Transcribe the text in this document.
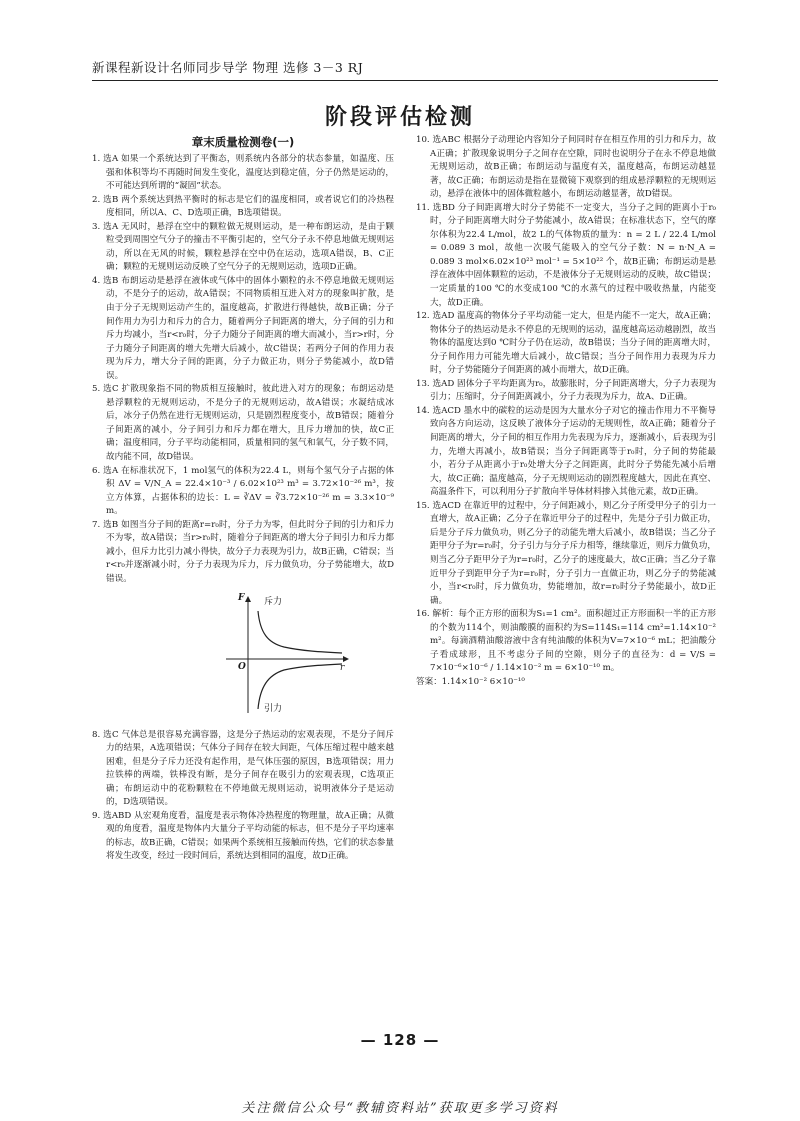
新课程新设计名师同步导学 物理 选修 3－3 RJ
阶段评估检测
章末质量检测卷(一)
1. 选A 如果一个系统达到了平衡态，则系统内各部分的状态参量，如温度、压强和体积等均不再随时间发生变化，温度达到稳定值，分子仍然是运动的，不可能达到所谓的“凝固”状态。
2. 选B 两个系统达到热平衡时的标志是它们的温度相同，或者说它们的冷热程度相同，所以A、C、D选项正确，B选项错误。
3. 选A 无风时，悬浮在空中的颗粒做无规则运动，是一种布朗运动，是由于颗粒受到周围空气分子的撞击不平衡引起的，空气分子永不停息地做无规则运动，所以在无风的时候，颗粒悬浮在空中仍在运动，选项A错误，B、C正确；颗粒的无规则运动反映了空气分子的无规则运动，选项D正确。
4. 选B 布朗运动是悬浮在液体或气体中的固体小颗粒的永不停息地做无规则运动，不是分子的运动，故A错误；不同物质相互进入对方的现象叫扩散，是由于分子无规则运动产生的，温度越高，扩散进行得越快，故B正确；分子间作用力为引力和斥力的合力，随着两分子间距离的增大，分子间的引力和斥力均减小，当r<r₀时，分子力随分子间距离的增大而减小，当r>r时，分子力随分子间距离的增大先增大后减小，故C错误；若两分子间的作用力表现为斥力，增大分子间的距离，分子力做正功，则分子势能减小，故D错误。
5. 选C 扩散现象指不同的物质相互接触时，彼此进入对方的现象；布朗运动是悬浮颗粒的无规则运动，不是分子的无规则运动，故A错误；水凝结成冰后，冰分子仍然在进行无规则运动，只是剧烈程度变小，故B错误；随着分子间距离的减小，分子间引力和斥力都在增大，且斥力增加的快，故C正确；温度相同，分子平均动能相同，质量相同的氢气和氧气，分子数不同，故内能不同，故D错误。
6. 选A 在标准状况下，1 mol氢气的体积为22.4 L，则每个氢气分子占据的体积 ΔV = V/N_A = 22.4×10⁻³ / 6.02×10²³ m³ = 3.72×10⁻²⁶ m³，按立方体算，占据体积的边长：L = ∛ΔV = ∛3.72×10⁻²⁶ m = 3.3×10⁻⁹ m。
7. 选B 如图当分子间的距离r=r₀时，分子力为零，但此时分子间的引力和斥力不为零，故A错误；当r>r₀时，随着分子间距离的增大分子间引力和斥力都减小，但斥力比引力减小得快，故分子力表现为引力，故B正确，C错误；当r<r₀并逐渐减小时，分子力表现为斥力，斥力做负功，分子势能增大，故D错误。
F
r
O
斥力
引力
8. 选C 气体总是很容易充满容器，这是分子热运动的宏观表现，不是分子间斥力的结果，A选项错误；气体分子间存在较大间距，气体压缩过程中越来越困难，但是分子斥力还没有起作用，是气体压强的原因，B选项错误；用力拉铁棒的两端，铁棒没有断，是分子间存在吸引力的宏观表现，C选项正确；布朗运动中的花粉颗粒在不停地做无规则运动，说明液体分子是运动的，D选项错误。
9. 选ABD 从宏观角度看，温度是表示物体冷热程度的物理量，故A正确；从微观的角度看，温度是物体内大量分子平均动能的标志，但不是分子平均速率的标志，故B正确，C错误；如果两个系统相互接触而传热，它们的状态参量将发生改变，经过一段时间后，系统达到相同的温度，故D正确。
10. 选ABC 根据分子动理论内容知分子间同时存在相互作用的引力和斥力，故A正确；扩散现象说明分子之间存在空隙，同时也说明分子在永不停息地做无规则运动，故B正确；布朗运动与温度有关，温度越高，布朗运动越显著，故C正确；布朗运动是指在显微镜下观察到的组成悬浮颗粒的无规则运动，悬浮在液体中的固体微粒越小，布朗运动越显著，故D错误。
11. 选BD 分子间距离增大时分子势能不一定变大，当分子之间的距离小于r₀时，分子间距离增大时分子势能减小，故A错误；在标准状态下，空气的摩尔体积为22.4 L/mol，故2 L的气体物质的量为：n = 2 L / 22.4 L/mol = 0.089 3 mol，故他一次吸气能吸入的空气分子数：N = n·N_A = 0.089 3 mol×6.02×10²³ mol⁻¹ = 5×10²² 个，故B正确；布朗运动是悬浮在液体中固体颗粒的运动，不是液体分子无规则运动的反映，故C错误；一定质量的100 ℃的水变成100 ℃的水蒸气的过程中吸收热量，内能变大，故D正确。
12. 选AD 温度高的物体分子平均动能一定大，但是内能不一定大，故A正确；物体分子的热运动是永不停息的无规则的运动，温度越高运动越剧烈，故当物体的温度达到0 ℃时分子仍在运动，故B错误；当分子间的距离增大时，分子间作用力可能先增大后减小，故C错误；当分子间作用力表现为斥力时，分子势能随分子间距离的减小而增大，故D正确。
13. 选AD 固体分子平均距离为r₀，故膨胀时，分子间距离增大，分子力表现为引力；压缩时，分子间距离减小，分子力表现为斥力，故A、D正确。
14. 选ACD 墨水中的碳粒的运动是因为大量水分子对它的撞击作用力不平衡导致向各方向运动，这反映了液体分子运动的无规则性，故A正确；随着分子间距离的增大，分子间的相互作用力先表现为斥力，逐渐减小，后表现为引力，先增大再减小，故B错误；当分子间距离等于r₀时，分子间的势能最小，若分子从距离小于r₀处增大分子之间距离，此时分子势能先减小后增大，故C正确；温度越高，分子无规则运动的剧烈程度越大，因此在真空、高温条件下，可以利用分子扩散向半导体材料掺入其他元素，故D正确。
15. 选ACD 在靠近甲的过程中，分子间距减小，则乙分子所受甲分子的引力一直增大，故A正确；乙分子在靠近甲分子的过程中，先是分子引力做正功，后是分子斥力做负功，则乙分子的动能先增大后减小，故B错误；当乙分子距甲分子为r=r₀时，分子引力与分子斥力相等，继续靠近，则斥力做负功，则当乙分子距甲分子为r=r₀时，乙分子的速度最大，故C正确；当乙分子靠近甲分子到距甲分子为r=r₀时，分子引力一直做正功，则乙分子的势能减小，当r<r₀时，斥力做负功，势能增加，故r=r₀时分子势能最小，故D正确。
16. 解析：每个正方形的面积为S₁=1 cm²。面积超过正方形面积一半的正方形的个数为114个，则油酸膜的面积约为S=114S₁=114 cm²=1.14×10⁻² m²。每滴酒精油酸溶液中含有纯油酸的体积为V=7×10⁻⁶ mL；把油酸分子看成球形，且不考虑分子间的空隙，则分子的直径为：d = V/S = 7×10⁻⁶×10⁻⁶ / 1.14×10⁻² m = 6×10⁻¹⁰ m。
答案：1.14×10⁻² 6×10⁻¹⁰
— 128 —
关注微信公众号“教辅资料站”获取更多学习资料
